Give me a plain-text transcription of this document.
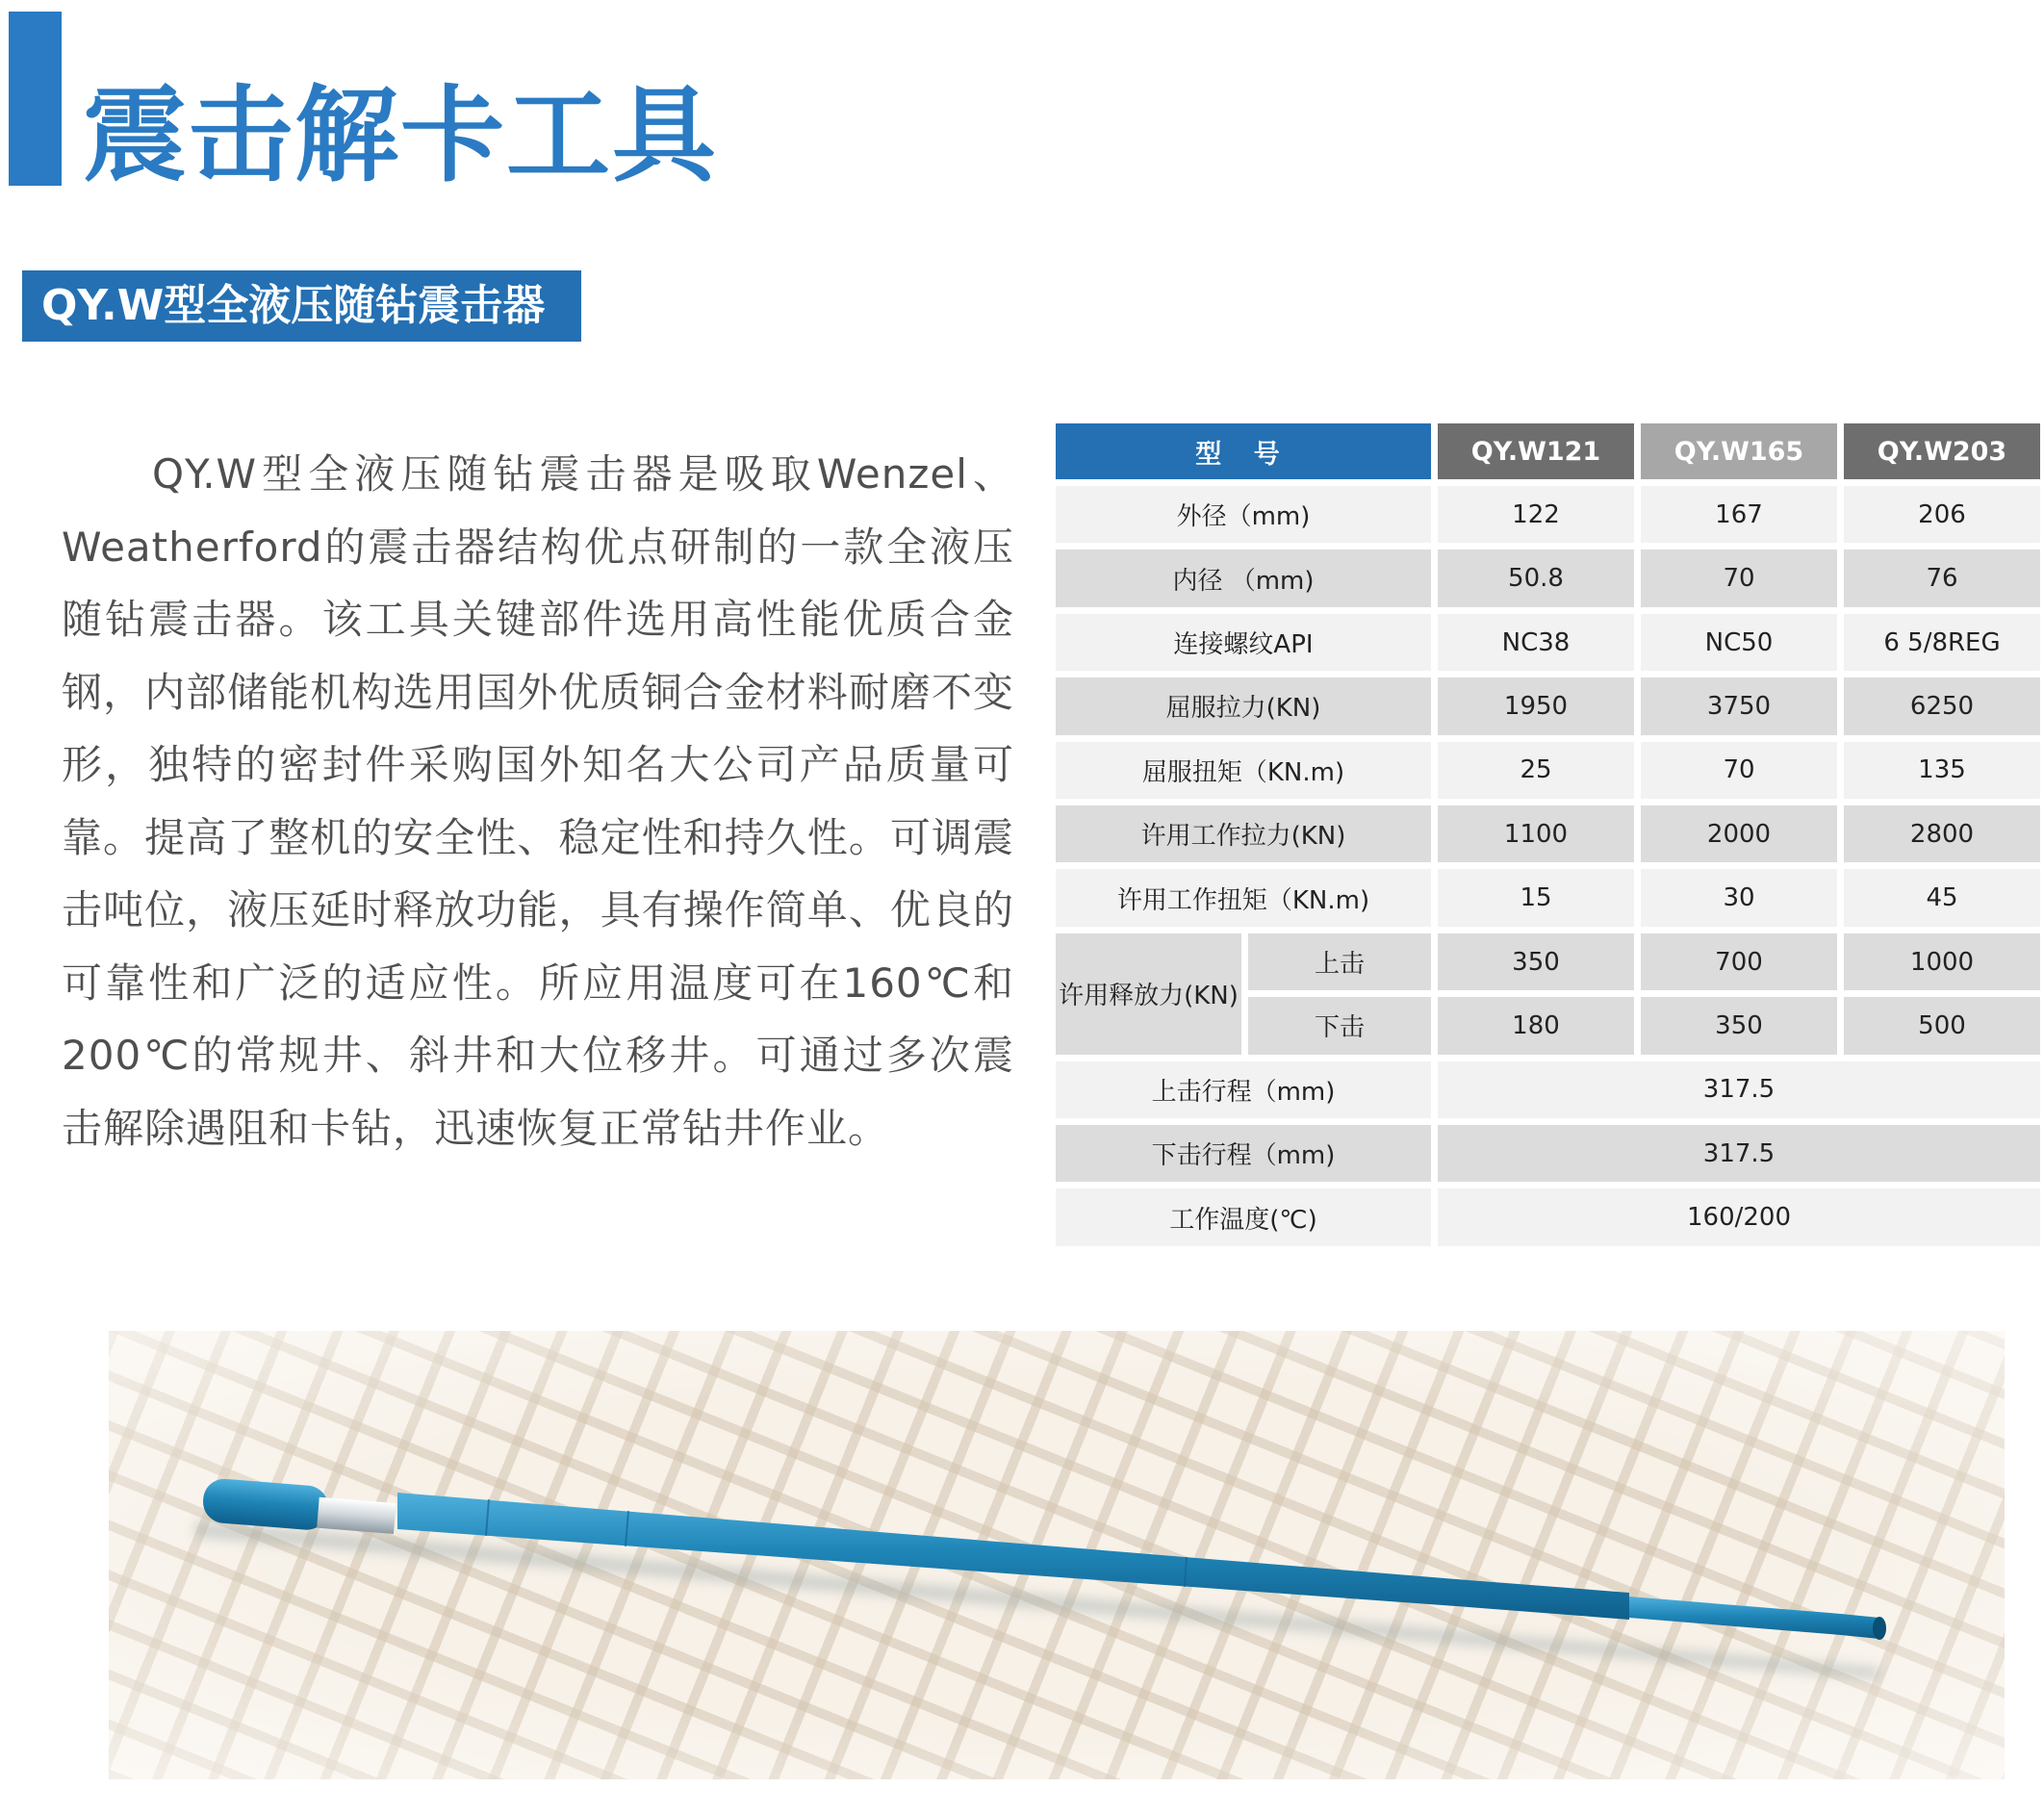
震击解卡工具
QY.W型全液压随钻震击器

QY.W型全液压随钻震击器是吸取Wenzel、Weatherford的震击器结构优点研制的一款全液压随钻震击器。该工具关键部件选用高性能优质合金钢，内部储能机构选用国外优质铜合金材料耐磨不变形，独特的密封件采购国外知名大公司产品质量可靠。提高了整机的安全性、稳定性和持久性。可调震击吨位，液压延时释放功能，具有操作简单、优良的可靠性和广泛的适应性。所应用温度可在160℃和200℃的常规井、斜井和大位移井。可通过多次震击解除遇阻和卡钻，迅速恢复正常钻井作业。

型 号		QY.W121	QY.W165	QY.W203
外径（mm)		122	167	206
内径 （mm)		50.8	70	76
连接螺纹API		NC38	NC50	6 5/8REG
屈服拉力(KN)		1950	3750	6250
屈服扭矩（KN.m)		25	70	135
许用工作拉力(KN)		1100	2000	2800
许用工作扭矩（KN.m)		15	30	45
许用释放力(KN)	上击	350	700	1000
	下击	180	350	500
上击行程（mm)		317.5		
下击行程（mm)		317.5		
工作温度(℃)		160/200		
